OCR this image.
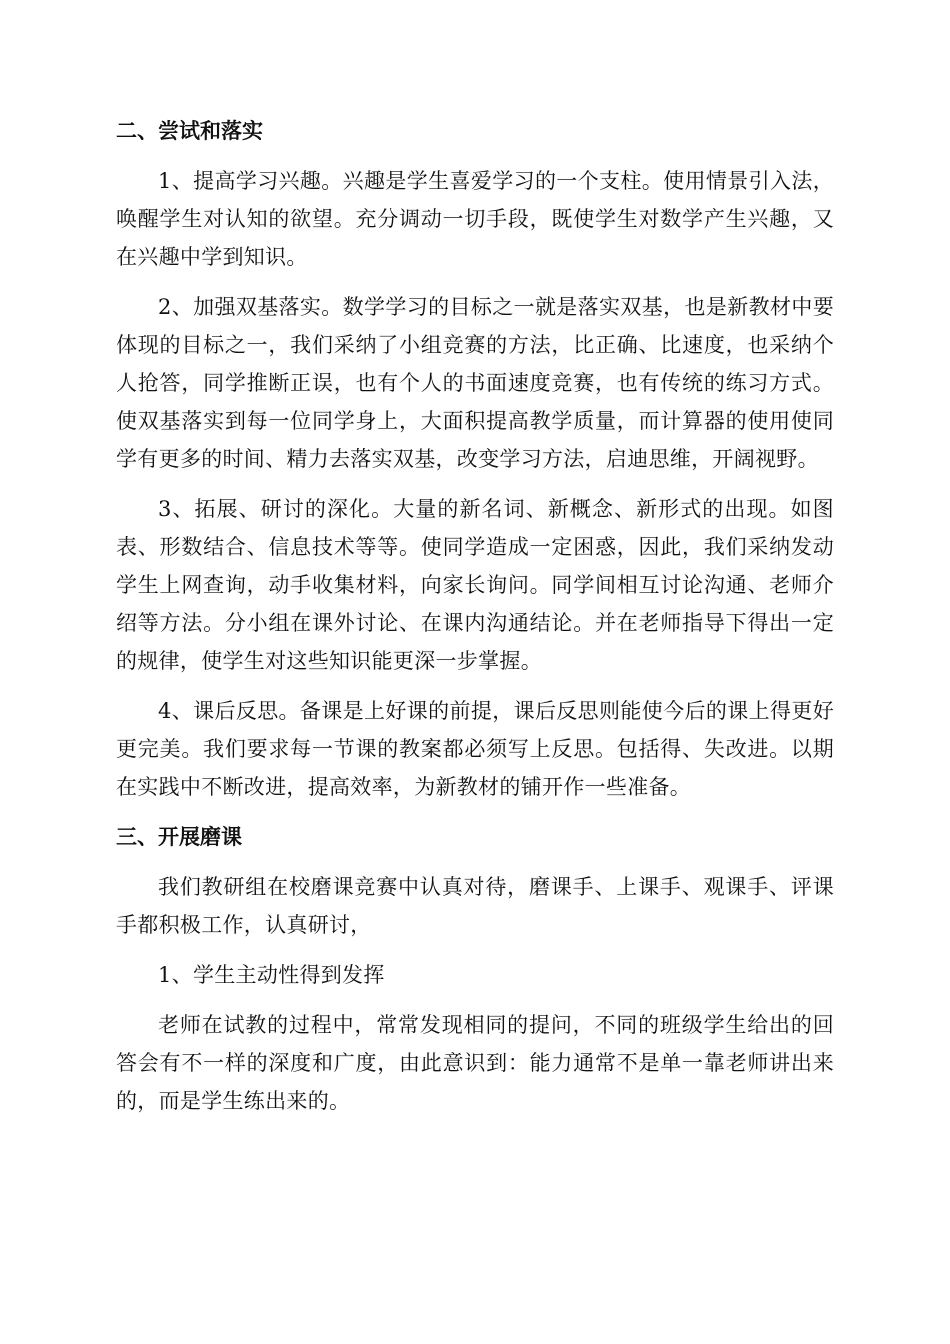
二、尝试和落实

1、提高学习兴趣。兴趣是学生喜爱学习的一个支柱。使用情景引入法，唤醒学生对认知的欲望。充分调动一切手段，既使学生对数学产生兴趣，又在兴趣中学到知识。

2、加强双基落实。数学学习的目标之一就是落实双基，也是新教材中要体现的目标之一，我们采纳了小组竞赛的方法，比正确、比速度，也采纳个人抢答，同学推断正误，也有个人的书面速度竞赛，也有传统的练习方式。使双基落实到每一位同学身上，大面积提高教学质量，而计算器的使用使同学有更多的时间、精力去落实双基，改变学习方法，启迪思维，开阔视野。

3、拓展、研讨的深化。大量的新名词、新概念、新形式的出现。如图表、形数结合、信息技术等等。使同学造成一定困惑，因此，我们采纳发动学生上网查询，动手收集材料，向家长询问。同学间相互讨论沟通、老师介绍等方法。分小组在课外讨论、在课内沟通结论。并在老师指导下得出一定的规律，使学生对这些知识能更深一步掌握。

4、课后反思。备课是上好课的前提，课后反思则能使今后的课上得更好更完美。我们要求每一节课的教案都必须写上反思。包括得、失改进。以期在实践中不断改进，提高效率，为新教材的铺开作一些准备。

三、开展磨课

我们教研组在校磨课竞赛中认真对待，磨课手、上课手、观课手、评课手都积极工作，认真研讨，

1、学生主动性得到发挥

老师在试教的过程中，常常发现相同的提问，不同的班级学生给出的回答会有不一样的深度和广度，由此意识到：能力通常不是单一靠老师讲出来的，而是学生练出来的。
